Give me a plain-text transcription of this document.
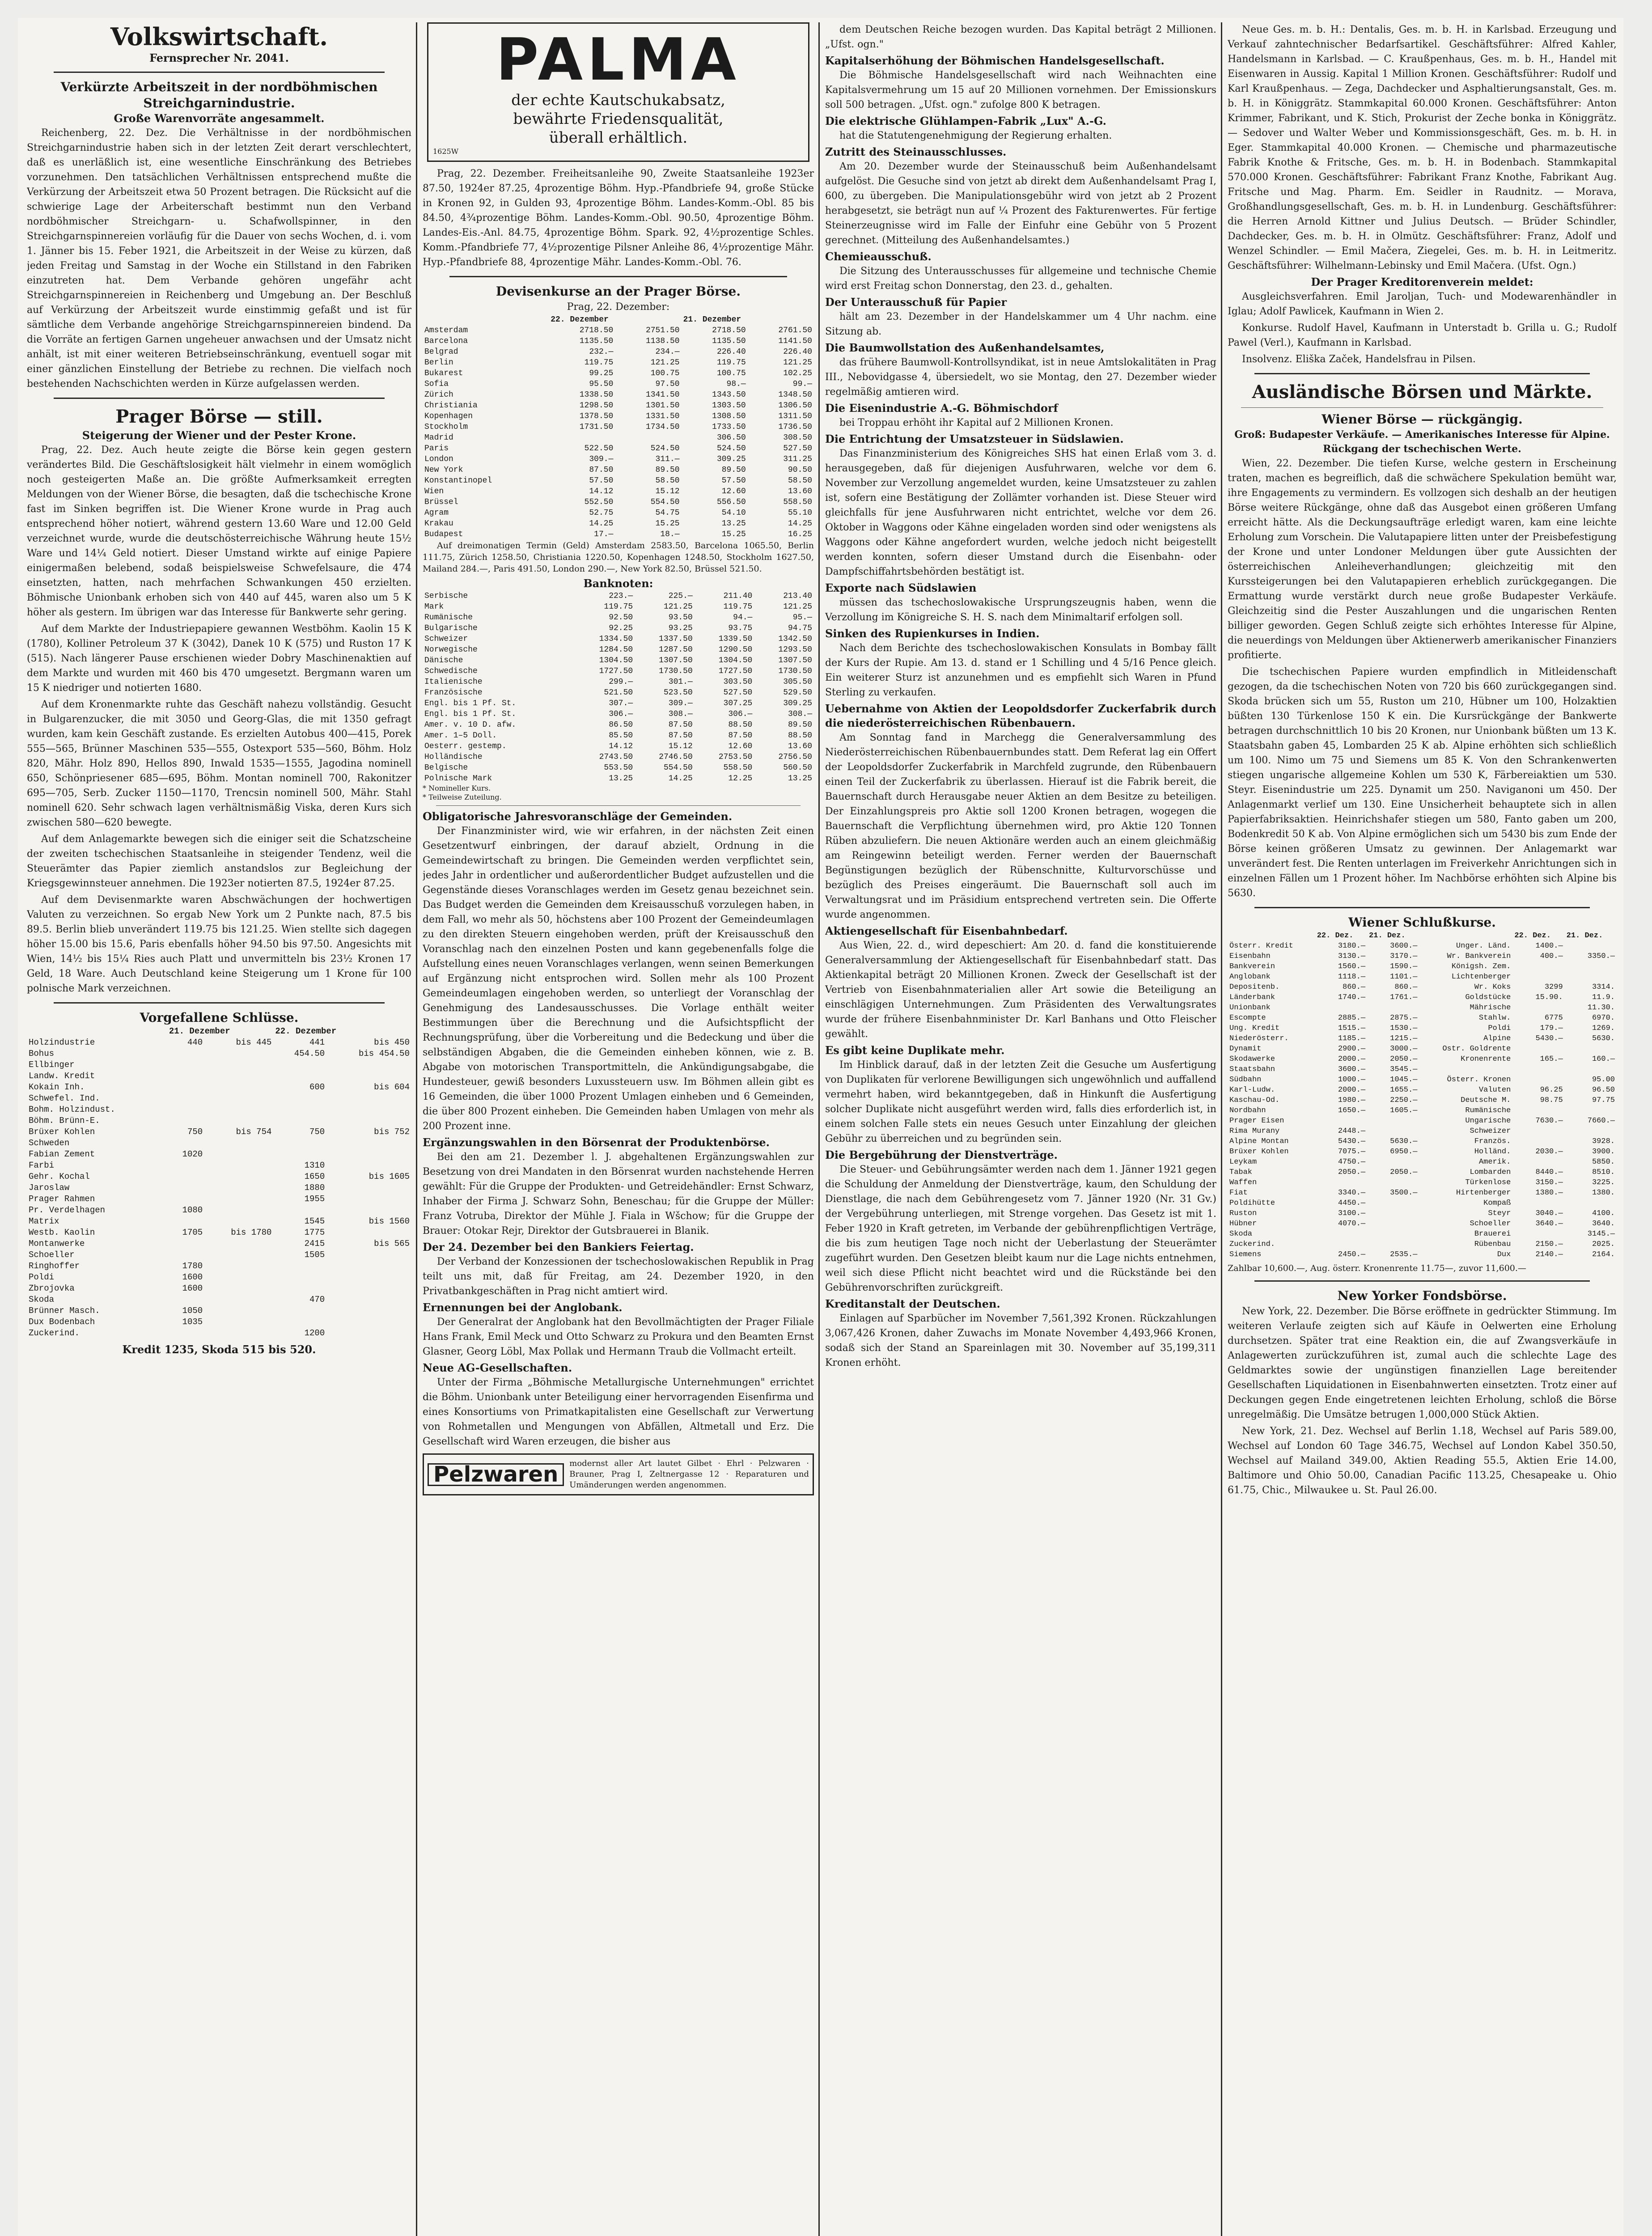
Volkswirtschaft.
Fernsprecher Nr. 2041.
Verkürzte Arbeitszeit in der nordböhmischen Streichgarnindustrie.
Große Warenvorräte angesammelt.

Reichenberg, 22. Dez. Die Verhältnisse in der nordböhmischen Streichgarnindustrie haben sich in der letzten Zeit derart verschlechtert, daß es unerläßlich ist, eine wesentliche Einschränkung des Betriebes vorzunehmen. Den tatsächlichen Verhältnissen entsprechend mußte die Verkürzung der Arbeitszeit etwa 50 Prozent betragen. Die Rücksicht auf die schwierige Lage der Arbeiterschaft bestimmt nun den Verband nordböhmischer Streichgarn- u. Schafwollspinner, in den Streichgarnspinnereien vorläufig für die Dauer von sechs Wochen, d. i. vom 1. Jänner bis 15. Feber 1921, die Arbeitszeit in der Weise zu kürzen, daß jeden Freitag und Samstag in der Woche ein Stillstand in den Fabriken einzutreten hat. Dem Verbande gehören ungefähr acht Streichgarnspinnereien in Reichenberg und Umgebung an. Der Beschluß auf Verkürzung der Arbeitszeit wurde einstimmig gefaßt und ist für sämtliche dem Verbande angehörige Streichgarnspinnereien bindend. Da die Vorräte an fertigen Garnen ungeheuer anwachsen und der Umsatz nicht anhält, ist mit einer weiteren Betriebseinschränkung, eventuell sogar mit einer gänzlichen Einstellung der Betriebe zu rechnen. Die vielfach noch bestehenden Nachschichten werden in Kürze aufgelassen werden.

Prager Börse — still.
Steigerung der Wiener und der Pester Krone.

Prag, 22. Dez. Auch heute zeigte die Börse kein gegen gestern verändertes Bild. Die Geschäftslosigkeit hält vielmehr in einem womöglich noch gesteigerten Maße an. Die größte Aufmerksamkeit erregten Meldungen von der Wiener Börse, die besagten, daß die tschechische Krone fast im Sinken begriffen ist. Die Wiener Krone wurde in Prag auch entsprechend höher notiert, während gestern 13.60 Ware und 12.00 Geld verzeichnet wurde, wurde die deutschösterreichische Währung heute 15½ Ware und 14¼ Geld notiert. Dieser Umstand wirkte auf einige Papiere einigermaßen belebend, sodaß beispielsweise Schwefelsaure, die 474 einsetzten, hatten, nach mehrfachen Schwankungen 450 erzielten. Böhmische Unionbank erhoben sich von 440 auf 445, waren also um 5 K höher als gestern. Im übrigen war das Interesse für Bankwerte sehr gering.

Auf dem Markte der Industriepapiere gewannen Westböhm. Kaolin 15 K (1780), Kolliner Petroleum 37 K (3042), Danek 10 K (575) und Ruston 17 K (515). Nach längerer Pause erschienen wieder Dobry Maschinenaktien auf dem Markte und wurden mit 460 bis 470 umgesetzt. Bergmann waren um 15 K niedriger und notierten 1680.

Auf dem Kronenmarkte ruhte das Geschäft nahezu vollständig. Gesucht in Bulgarenzucker, die mit 3050 und Georg-Glas, die mit 1350 gefragt wurden, kam kein Geschäft zustande. Es erzielten Autobus 400—415, Porek 555—565, Brünner Maschinen 535—555, Ostexport 535—560, Böhm. Holz 820, Mähr. Holz 890, Hellos 890, Inwald 1535—1555, Jagodina nominell 650, Schönpriesener 685—695, Böhm. Montan nominell 700, Rakonitzer 695—705, Serb. Zucker 1150—1170, Trencsin nominell 500, Mähr. Stahl nominell 620. Sehr schwach lagen verhältnismäßig Viska, deren Kurs sich zwischen 580—620 bewegte.

Auf dem Anlagemarkte bewegen sich die einiger seit die Schatzscheine der zweiten tschechischen Staatsanleihe in steigender Tendenz, weil die Steuerämter das Papier ziemlich anstandslos zur Begleichung der Kriegsgewinnsteuer annehmen. Die 1923er notierten 87.5, 1924er 87.25.

Auf dem Devisenmarkte waren Abschwächungen der hochwertigen Valuten zu verzeichnen. So ergab New York um 2 Punkte nach, 87.5 bis 89.5. Berlin blieb unverändert 119.75 bis 121.25. Wien stellte sich dagegen höher 15.00 bis 15.6, Paris ebenfalls höher 94.50 bis 97.50. Angesichts mit Wien, 14½ bis 15¼ Ries auch Platt und unvermitteln bis 23½ Kronen 17 Geld, 18 Ware. Auch Deutschland keine Steigerung um 1 Krone für 100 polnische Mark verzeichnen.

Vorgefallene Schlüsse.
	21. Dezember		22. Dezember	
Holzindustrie	440	bis 445	441	bis 450
Bohus			454.50	bis 454.50
Ellbinger				
Landw. Kredit				
Kokain Inh.			600	bis 604
Schwefel. Ind.				
Bohm. Holzindust.				
Böhm. Brünn-E.				
Brüxer Kohlen	750	bis 754	750	bis 752
Schweden				
Fabian Zement	1020			
Farbi			1310	
Gehr. Kochal			1650	bis 1605
Jaroslaw			1880	
Prager Rahmen			1955	
Pr. Verdelhagen	1080			
Matrix			1545	bis 1560
Westb. Kaolin	1705	bis 1780	1775	
Montanwerke			2415	bis 565
Schoeller			1505	
Ringhoffer	1780			
Poldi	1600			
Zbrojovka	1600			
Skoda			470	
Brünner Masch.	1050			
Dux Bodenbach	1035			
Zuckerind.			1200	
Kredit 1235, Skoda 515 bis 520.
PALMA
der echte Kautschukabsatz,
bewährte Friedensqualität,
überall erhältlich.
1625W

Prag, 22. Dezember. Freiheitsanleihe 90, Zweite Staatsanleihe 1923er 87.50, 1924er 87.25, 4prozentige Böhm. Hyp.-Pfandbriefe 94, große Stücke in Kronen 92, in Gulden 93, 4prozentige Böhm. Landes-Komm.-Obl. 85 bis 84.50, 4¾prozentige Böhm. Landes-Komm.-Obl. 90.50, 4prozentige Böhm. Landes-Eis.-Anl. 84.75, 4prozentige Böhm. Spark. 92, 4½prozentige Schles. Komm.-Pfandbriefe 77, 4½prozentige Pilsner Anleihe 86, 4½prozentige Mähr. Hyp.-Pfandbriefe 88, 4prozentige Mähr. Landes-Komm.-Obl. 76.

Devisenkurse an der Prager Börse.
Prag, 22. Dezember:
	22. Dezember		21. Dezember	
Amsterdam	2718.50	2751.50	2718.50	2761.50
Barcelona	1135.50	1138.50	1135.50	1141.50
Belgrad	232.—	234.—	226.40	226.40
Berlin	119.75	121.25	119.75	121.25
Bukarest	99.25	100.75	100.75	102.25
Sofia	95.50	97.50	98.—	99.—
Zürich	1338.50	1341.50	1343.50	1348.50
Christiania	1298.50	1301.50	1303.50	1306.50
Kopenhagen	1378.50	1331.50	1308.50	1311.50
Stockholm	1731.50	1734.50	1733.50	1736.50
Madrid			306.50	308.50
Paris	522.50	524.50	524.50	527.50
London	309.—	311.—	309.25	311.25
New York	87.50	89.50	89.50	90.50
Konstantinopel	57.50	58.50	57.50	58.50
Wien	14.12	15.12	12.60	13.60
Brüssel	552.50	554.50	556.50	558.50
Agram	52.75	54.75	54.10	55.10
Krakau	14.25	15.25	13.25	14.25
Budapest	17.—	18.—	15.25	16.25

Auf dreimonatigen Termin (Geld) Amsterdam 2583.50, Barcelona 1065.50, Berlin 111.75, Zürich 1258.50, Christiania 1220.50, Kopenhagen 1248.50, Stockholm 1627.50, Mailand 284.—, Paris 491.50, London 290.—, New York 82.50, Brüssel 521.50.

Banknoten:
Serbische	223.—	225.—	211.40	213.40
Mark	119.75	121.25	119.75	121.25
Rumänische	92.50	93.50	94.—	95.—
Bulgarische	92.25	93.25	93.75	94.75
Schweizer	1334.50	1337.50	1339.50	1342.50
Norwegische	1284.50	1287.50	1290.50	1293.50
Dänische	1304.50	1307.50	1304.50	1307.50
Schwedische	1727.50	1730.50	1727.50	1730.50
Italienische	299.—	301.—	303.50	305.50
Französische	521.50	523.50	527.50	529.50
Engl. bis 1 Pf. St.	307.—	309.—	307.25	309.25
Engl. bis 1 Pf. St.	306.—	308.—	306.—	308.—
Amer. v. 10 D. afw.	86.50	87.50	88.50	89.50
Amer. 1–5 Doll.	85.50	87.50	87.50	88.50
Oesterr. gestemp.	14.12	15.12	12.60	13.60
Holländische	2743.50	2746.50	2753.50	2756.50
Belgische	553.50	554.50	558.50	560.50
Polnische Mark	13.25	14.25	12.25	13.25
* Nomineller Kurs.
* Teilweise Zuteilung.
Obligatorische Jahresvoranschläge der Gemeinden.

Der Finanzminister wird, wie wir erfahren, in der nächsten Zeit einen Gesetzentwurf einbringen, der darauf abzielt, Ordnung in die Gemeindewirtschaft zu bringen. Die Gemeinden werden verpflichtet sein, jedes Jahr in ordentlicher und außerordentlicher Budget aufzustellen und die Gegenstände dieses Voranschlages werden im Gesetz genau bezeichnet sein. Das Budget werden die Gemeinden dem Kreisausschuß vorzulegen haben, in dem Fall, wo mehr als 50, höchstens aber 100 Prozent der Gemeindeumlagen zu den direkten Steuern eingehoben werden, prüft der Kreisausschuß den Voranschlag nach den einzelnen Posten und kann gegebenenfalls folge die Aufstellung eines neuen Voranschlages verlangen, wenn seinen Bemerkungen auf Ergänzung nicht entsprochen wird. Sollen mehr als 100 Prozent Gemeindeumlagen eingehoben werden, so unterliegt der Voranschlag der Genehmigung des Landesausschusses. Die Vorlage enthält weiter Bestimmungen über die Berechnung und die Aufsichtspflicht der Rechnungsprüfung, über die Vorbereitung und die Bedeckung und über die selbständigen Abgaben, die die Gemeinden einheben können, wie z. B. Abgabe von motorischen Transportmitteln, die Ankündigungsabgabe, die Hundesteuer, gewiß besonders Luxussteuern usw. Im Böhmen allein gibt es 16 Gemeinden, die über 1000 Prozent Umlagen einheben und 6 Gemeinden, die über 800 Prozent einheben. Die Gemeinden haben Umlagen von mehr als 200 Prozent inne.

Ergänzungswahlen in den Börsenrat der Produktenbörse.

Bei den am 21. Dezember l. J. abgehaltenen Ergänzungswahlen zur Besetzung von drei Mandaten in den Börsenrat wurden nachstehende Herren gewählt: Für die Gruppe der Produkten- und Getreidehändler: Ernst Schwarz, Inhaber der Firma J. Schwarz Sohn, Beneschau; für die Gruppe der Müller: Franz Votruba, Direktor der Mühle J. Fiala in Wšchow; für die Gruppe der Brauer: Otokar Rejr, Direktor der Gutsbrauerei in Blanik.

Der 24. Dezember bei den Bankiers Feiertag.

Der Verband der Konzessionen der tschechoslowakischen Republik in Prag teilt uns mit, daß für Freitag, am 24. Dezember 1920, in den Privatbankgeschäften in Prag nicht amtiert wird.

Ernennungen bei der Anglobank.

Der Generalrat der Anglobank hat den Bevollmächtigten der Prager Filiale Hans Frank, Emil Meck und Otto Schwarz zu Prokura und den Beamten Ernst Glasner, Georg Löbl, Max Pollak und Hermann Traub die Vollmacht erteilt.

Neue AG-Gesellschaften.

Unter der Firma „Böhmische Metallurgische Unternehmungen" errichtet die Böhm. Unionbank unter Beteiligung einer hervorragenden Eisenfirma und eines Konsortiums von Primatkapitalisten eine Gesellschaft zur Verwertung von Rohmetallen und Mengungen von Abfällen, Altmetall und Erz. Die Gesellschaft wird Waren erzeugen, die bisher aus

Pelzwaren	modernst aller Art lautet Gilbet · Ehrl · Pelzwaren · Brauner, Prag I, Zeltnergasse 12 · Reparaturen und Umänderungen werden angenommen.

dem Deutschen Reiche bezogen wurden. Das Kapital beträgt 2 Millionen. „Ufst. ogn."

Kapitalserhöhung der Böhmischen Handelsgesellschaft.

Die Böhmische Handelsgesellschaft wird nach Weihnachten eine Kapitalsvermehrung um 15 auf 20 Millionen vornehmen. Der Emissionskurs soll 500 betragen. „Ufst. ogn." zufolge 800 K betragen.

Die elektrische Glühlampen-Fabrik „Lux" A.-G.

hat die Statutengenehmigung der Regierung erhalten.

Zutritt des Steinausschlusses.

Am 20. Dezember wurde der Steinausschuß beim Außenhandelsamt aufgelöst. Die Gesuche sind von jetzt ab direkt dem Außenhandelsamt Prag I, 600, zu übergeben. Die Manipulationsgebühr wird von jetzt ab 2 Prozent herabgesetzt, sie beträgt nun auf ¼ Prozent des Fakturenwertes. Für fertige Steinerzeugnisse wird im Falle der Einfuhr eine Gebühr von 5 Prozent gerechnet. (Mitteilung des Außenhandelsamtes.)

Chemieausschuß.

Die Sitzung des Unterausschusses für allgemeine und technische Chemie wird erst Freitag schon Donnerstag, den 23. d., gehalten.

Der Unterausschuß für Papier

hält am 23. Dezember in der Handelskammer um 4 Uhr nachm. eine Sitzung ab.

Die Baumwollstation des Außenhandelsamtes,

das frühere Baumwoll-Kontrollsyndikat, ist in neue Amtslokalitäten in Prag III., Nebovidgasse 4, übersiedelt, wo sie Montag, den 27. Dezember wieder regelmäßig amtieren wird.

Die Eisenindustrie A.-G. Böhmischdorf

bei Troppau erhöht ihr Kapital auf 2 Millionen Kronen.

Die Entrichtung der Umsatzsteuer in Südslawien.

Das Finanzministerium des Königreiches SHS hat einen Erlaß vom 3. d. herausgegeben, daß für diejenigen Ausfuhrwaren, welche vor dem 6. November zur Verzollung angemeldet wurden, keine Umsatzsteuer zu zahlen ist, sofern eine Bestätigung der Zollämter vorhanden ist. Diese Steuer wird gleichfalls für jene Ausfuhrwaren nicht entrichtet, welche vor dem 26. Oktober in Waggons oder Kähne eingeladen worden sind oder wenigstens als Waggons oder Kähne angefordert wurden, welche jedoch nicht beigestellt werden konnten, sofern dieser Umstand durch die Eisenbahn- oder Dampfschiffahrtsbehörden bestätigt ist.

Exporte nach Südslawien

müssen das tschechoslowakische Ursprungszeugnis haben, wenn die Verzollung im Königreiche S. H. S. nach dem Minimaltarif erfolgen soll.

Sinken des Rupienkurses in Indien.

Nach dem Berichte des tschechoslowakischen Konsulats in Bombay fällt der Kurs der Rupie. Am 13. d. stand er 1 Schilling und 4 5/16 Pence gleich. Ein weiterer Sturz ist anzunehmen und es empfiehlt sich Waren in Pfund Sterling zu verkaufen.

Uebernahme von Aktien der Leopoldsdorfer Zuckerfabrik durch die niederösterreichischen Rübenbauern.

Am Sonntag fand in Marchegg die Generalversammlung des Niederösterreichischen Rübenbauernbundes statt. Dem Referat lag ein Offert der Leopoldsdorfer Zuckerfabrik in Marchfeld zugrunde, den Rübenbauern einen Teil der Zuckerfabrik zu überlassen. Hierauf ist die Fabrik bereit, die Bauernschaft durch Herausgabe neuer Aktien an dem Besitze zu beteiligen. Der Einzahlungspreis pro Aktie soll 1200 Kronen betragen, wogegen die Bauernschaft die Verpflichtung übernehmen wird, pro Aktie 120 Tonnen Rüben abzuliefern. Die neuen Aktionäre werden auch an einem gleichmäßig am Reingewinn beteiligt werden. Ferner werden der Bauernschaft Begünstigungen bezüglich der Rübenschnitte, Kulturvorschüsse und bezüglich des Preises eingeräumt. Die Bauernschaft soll auch im Verwaltungsrat und im Präsidium entsprechend vertreten sein. Die Offerte wurde angenommen.

Aktiengesellschaft für Eisenbahnbedarf.

Aus Wien, 22. d., wird depeschiert: Am 20. d. fand die konstituierende Generalversammlung der Aktiengesellschaft für Eisenbahnbedarf statt. Das Aktienkapital beträgt 20 Millionen Kronen. Zweck der Gesellschaft ist der Vertrieb von Eisenbahnmaterialien aller Art sowie die Beteiligung an einschlägigen Unternehmungen. Zum Präsidenten des Verwaltungsrates wurde der frühere Eisenbahnminister Dr. Karl Banhans und Otto Fleischer gewählt.

Es gibt keine Duplikate mehr.

Im Hinblick darauf, daß in der letzten Zeit die Gesuche um Ausfertigung von Duplikaten für verlorene Bewilligungen sich ungewöhnlich und auffallend vermehrt haben, wird bekanntgegeben, daß in Hinkunft die Ausfertigung solcher Duplikate nicht ausgeführt werden wird, falls dies erforderlich ist, in einem solchen Falle stets ein neues Gesuch unter Einzahlung der gleichen Gebühr zu überreichen und zu begründen sein.

Die Bergebührung der Dienstverträge.

Die Steuer- und Gebührungsämter werden nach dem 1. Jänner 1921 gegen die Schuldung der Anmeldung der Dienstverträge, kaum, den Schuldung der Dienstlage, die nach dem Gebührengesetz vom 7. Jänner 1920 (Nr. 31 Gv.) der Vergebührung unterliegen, mit Strenge vorgehen. Das Gesetz ist mit 1. Feber 1920 in Kraft getreten, im Verbande der gebührenpflichtigen Verträge, die bis zum heutigen Tage noch nicht der Ueberlastung der Steuerämter zugeführt wurden. Den Gesetzen bleibt kaum nur die Lage nichts entnehmen, weil sich diese Pflicht nicht beachtet wird und die Rückstände bei den Gebührenvorschriften zurückgreift.

Kreditanstalt der Deutschen.

Einlagen auf Sparbücher im November 7,561,392 Kronen. Rückzahlungen 3,067,426 Kronen, daher Zuwachs im Monate November 4,493,966 Kronen, sodaß sich der Stand an Spareinlagen mit 30. November auf 35,199,311 Kronen erhöht.

Neue Ges. m. b. H.: Dentalis, Ges. m. b. H. in Karlsbad. Erzeugung und Verkauf zahntechnischer Bedarfsartikel. Geschäftsführer: Alfred Kahler, Handelsmann in Karlsbad. — C. Kraußpenhaus, Ges. m. b. H., Handel mit Eisenwaren in Aussig. Kapital 1 Million Kronen. Geschäftsführer: Rudolf und Karl Kraußpenhaus. — Zega, Dachdecker und Asphaltierungsanstalt, Ges. m. b. H. in Königgrätz. Stammkapital 60.000 Kronen. Geschäftsführer: Anton Krimmer, Fabrikant, und K. Stich, Prokurist der Zeche bonka in Königgrätz. — Sedover und Walter Weber und Kommissionsgeschäft, Ges. m. b. H. in Eger. Stammkapital 40.000 Kronen. — Chemische und pharmazeutische Fabrik Knothe & Fritsche, Ges. m. b. H. in Bodenbach. Stammkapital 570.000 Kronen. Geschäftsführer: Fabrikant Franz Knothe, Fabrikant Aug. Fritsche und Mag. Pharm. Em. Seidler in Raudnitz. — Morava, Großhandlungsgesellschaft, Ges. m. b. H. in Lundenburg. Geschäftsführer: die Herren Arnold Kittner und Julius Deutsch. — Brüder Schindler, Dachdecker, Ges. m. b. H. in Olmütz. Geschäftsführer: Franz, Adolf und Wenzel Schindler. — Emil Mačera, Ziegelei, Ges. m. b. H. in Leitmeritz. Geschäftsführer: Wilhelmann-Lebinsky und Emil Mačera. (Ufst. Ogn.)

Der Prager Kreditorenverein meldet:

Ausgleichsverfahren. Emil Jaroljan, Tuch- und Modewarenhändler in Iglau; Adolf Pawlicek, Kaufmann in Wien 2.

Konkurse. Rudolf Havel, Kaufmann in Unterstadt b. Grilla u. G.; Rudolf Pawel (Verl.), Kaufmann in Karlsbad.

Insolvenz. Eliška Začek, Handelsfrau in Pilsen.

Ausländische Börsen und Märkte.
Wiener Börse — rückgängig.
Groß: Budapester Verkäufe. — Amerikanisches Interesse für Alpine. Rückgang der tschechischen Werte.

Wien, 22. Dezember. Die tiefen Kurse, welche gestern in Erscheinung traten, machen es begreiflich, daß die schwächere Spekulation bemüht war, ihre Engagements zu vermindern. Es vollzogen sich deshalb an der heutigen Börse weitere Rückgänge, ohne daß das Ausgebot einen größeren Umfang erreicht hätte. Als die Deckungsaufträge erledigt waren, kam eine leichte Erholung zum Vorschein. Die Valutapapiere litten unter der Preisbefestigung der Krone und unter Londoner Meldungen über gute Aussichten der österreichischen Anleiheverhandlungen; gleichzeitig mit den Kurssteigerungen bei den Valutapapieren erheblich zurückgegangen. Die Ermattung wurde verstärkt durch neue große Budapester Verkäufe. Gleichzeitig sind die Pester Auszahlungen und die ungarischen Renten billiger geworden. Gegen Schluß zeigte sich erhöhtes Interesse für Alpine, die neuerdings von Meldungen über Aktienerwerb amerikanischer Finanziers profitierte.

Die tschechischen Papiere wurden empfindlich in Mitleidenschaft gezogen, da die tschechischen Noten von 720 bis 660 zurückgegangen sind. Skoda brücken sich um 55, Ruston um 210, Hübner um 100, Holzaktien büßten 130 Türkenlose 150 K ein. Die Kursrückgänge der Bankwerte betragen durchschnittlich 10 bis 20 Kronen, nur Unionbank büßten um 13 K. Staatsbahn gaben 45, Lombarden 25 K ab. Alpine erhöhten sich schließlich um 100. Nimo um 75 und Siemens um 85 K. Von den Schrankenwerten stiegen ungarische allgemeine Kohlen um 530 K, Färbereiaktien um 530. Steyr. Eisenindustrie um 225. Dynamit um 250. Naviganoni um 450. Der Anlagenmarkt verlief um 130. Eine Unsicherheit behauptete sich in allen Papierfabriksaktien. Heinrichshafer stiegen um 580, Fanto gaben um 200, Bodenkredit 50 K ab. Von Alpine ermöglichen sich um 5430 bis zum Ende der Börse keinen größeren Umsatz zu gewinnen. Der Anlagemarkt war unverändert fest. Die Renten unterlagen im Freiverkehr Anrichtungen sich in einzelnen Fällen um 1 Prozent höher. Im Nachbörse erhöhten sich Alpine bis 5630.

Wiener Schlußkurse.
	22. Dez.	21. Dez.		22. Dez.	21. Dez.
Österr. Kredit	3180.—	3600.—	Unger. Länd.	1400.—	
Eisenbahn	3130.—	3170.—	Wr. Bankverein	400.—	3350.—
Bankverein	1560.—	1590.—	Königsh. Zem.		
Anglobank	1118.—	1101.—	Lichtenberger		
Depositenb.	860.—	860.—	Wr. Koks	3299	3314.
Länderbank	1740.—	1761.—	Goldstücke	15.90.	11.9.
Unionbank			Mährische		11.30.
Escompte	2885.—	2875.—	Stahlw.	6775	6970.
Ung. Kredit	1515.—	1530.—	Poldi	179.—	1269.
Niederösterr.	1185.—	1215.—	Alpine	5430.—	5630.
Dynamit	2900.—	3000.—	Ostr. Goldrente		
Skodawerke	2000.—	2050.—	Kronenrente	165.—	160.—
Staatsbahn	3600.—	3545.—			
Südbahn	1000.—	1045.—	Österr. Kronen		95.00
Karl-Ludw.	2000.—	1655.—	Valuten	96.25	96.50
Kaschau-Od.	1980.—	2250.—	Deutsche M.	98.75	97.75
Nordbahn	1650.—	1605.—	Rumänische		
Prager Eisen			Ungarische	7630.—	7660.—
Rima Murany	2448.—		Schweizer		
Alpine Montan	5430.—	5630.—	Französ.		3928.
Brüxer Kohlen	7075.—	6950.—	Holländ.	2030.—	3900.
Leykam	4750.—		Amerik.		5850.
Tabak	2050.—	2050.—	Lombarden	8440.—	8510.
Waffen			Türkenlose	3150.—	3225.
Fiat	3340.—	3500.—	Hirtenberger	1380.—	1380.
Poldihütte	4450.—		Kompaß		
Ruston	3100.—		Steyr	3040.—	4100.
Hübner	4070.—		Schoeller	3640.—	3640.
Skoda			Brauerei		3145.—
Zuckerind.			Rübenbau	2150.—	2025.
Siemens	2450.—	2535.—	Dux	2140.—	2164.
Zahlbar 10,600.—, Aug. österr. Kronenrente 11.75—, zuvor 11,600.—
New Yorker Fondsbörse.

New York, 22. Dezember. Die Börse eröffnete in gedrückter Stimmung. Im weiteren Verlaufe zeigten sich auf Käufe in Oelwerten eine Erholung durchsetzen. Später trat eine Reaktion ein, die auf Zwangsverkäufe in Anlagewerten zurückzuführen ist, zumal auch die schlechte Lage des Geldmarktes sowie der ungünstigen finanziellen Lage bereitender Gesellschaften Liquidationen in Eisenbahnwerten einsetzten. Trotz einer auf Deckungen gegen Ende eingetretenen leichten Erholung, schloß die Börse unregelmäßig. Die Umsätze betrugen 1,000,000 Stück Aktien.

New York, 21. Dez. Wechsel auf Berlin 1.18, Wechsel auf Paris 589.00, Wechsel auf London 60 Tage 346.75, Wechsel auf London Kabel 350.50, Wechsel auf Mailand 349.00, Aktien Reading 55.5, Aktien Erie 14.00, Baltimore und Ohio 50.00, Canadian Pacific 113.25, Chesapeake u. Ohio 61.75, Chic., Milwaukee u. St. Paul 26.00.
